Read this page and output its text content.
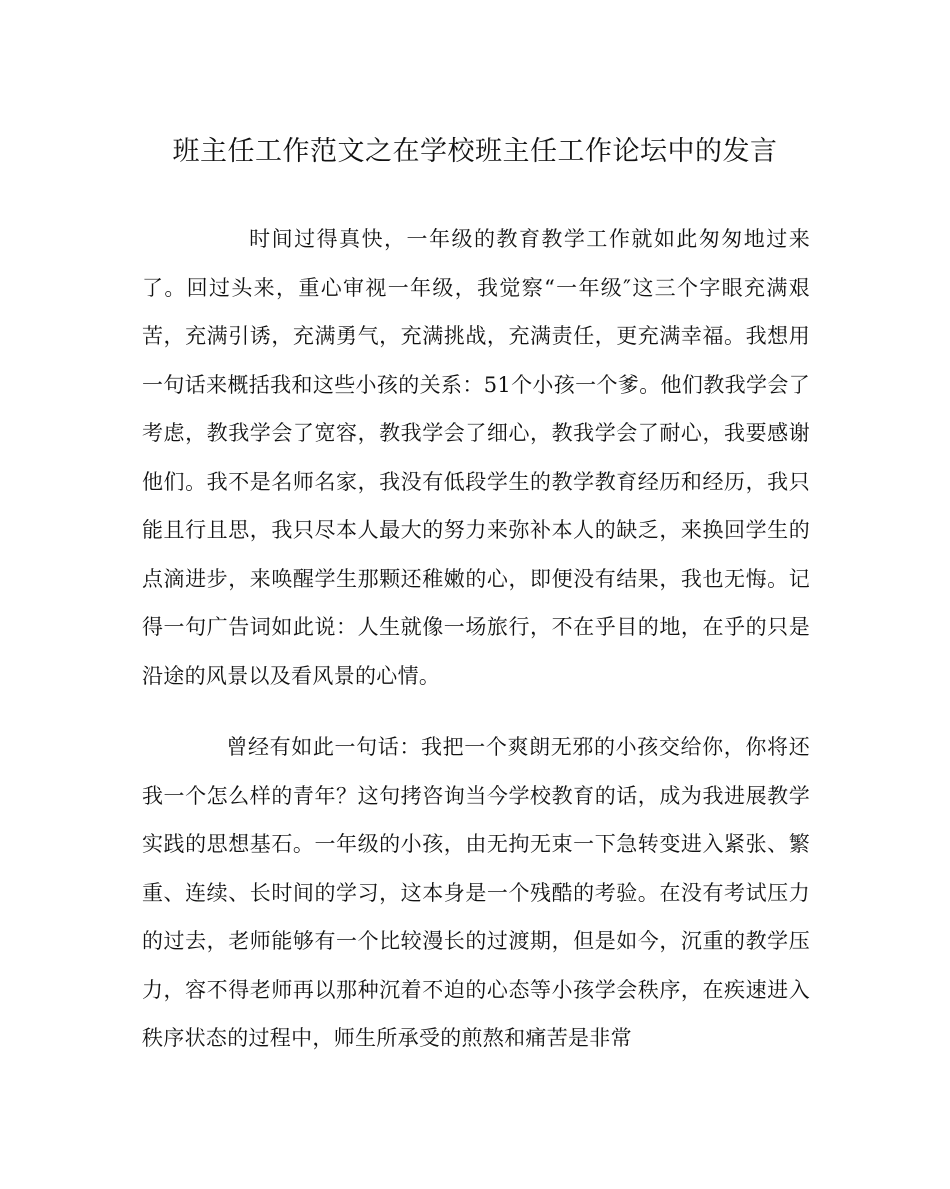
班主任工作范文之在学校班主任工作论坛中的发言

时间过得真快，一年级的教育教学工作就如此匆匆地过来了。回过头来，重心审视一年级，我觉察“一年级″这三个字眼充满艰苦，充满引诱，充满勇气，充满挑战，充满责任，更充满幸福。我想用一句话来概括我和这些小孩的关系：51个小孩一个爹。他们教我学会了考虑，教我学会了宽容，教我学会了细心，教我学会了耐心，我要感谢他们。我不是名师名家，我没有低段学生的教学教育经历和经历，我只能且行且思，我只尽本人最大的努力来弥补本人的缺乏，来换回学生的点滴进步，来唤醒学生那颗还稚嫩的心，即便没有结果，我也无悔。记得一句广告词如此说：人生就像一场旅行，不在乎目的地，在乎的只是沿途的风景以及看风景的心情。

曾经有如此一句话：我把一个爽朗无邪的小孩交给你，你将还我一个怎么样的青年？这句拷咨询当今学校教育的话，成为我进展教学实践的思想基石。一年级的小孩，由无拘无束一下急转变进入紧张、繁重、连续、长时间的学习，这本身是一个残酷的考验。在没有考试压力的过去，老师能够有一个比较漫长的过渡期，但是如今，沉重的教学压力，容不得老师再以那种沉着不迫的心态等小孩学会秩序，在疾速进入秩序状态的过程中，师生所承受的煎熬和痛苦是非常
